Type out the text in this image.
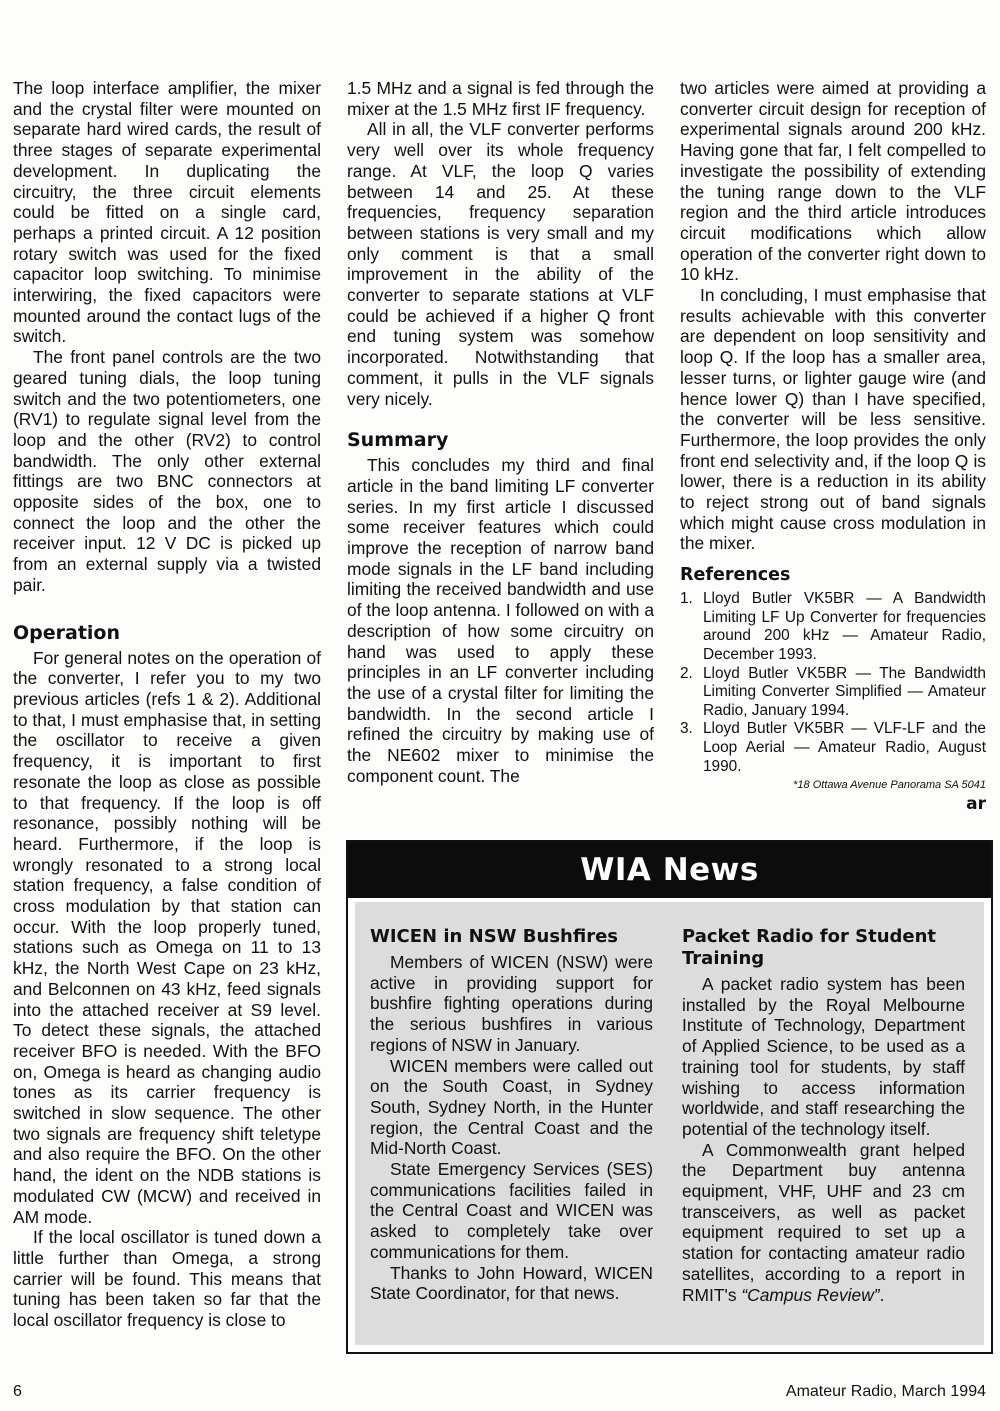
The loop interface amplifier, the mixer and the crystal filter were mounted on separate hard wired cards, the result of three stages of separate experimental development. In duplicating the circuitry, the three circuit elements could be fitted on a single card, perhaps a printed circuit. A 12 position rotary switch was used for the fixed capacitor loop switching. To minimise interwiring, the fixed capacitors were mounted around the contact lugs of the switch.

The front panel controls are the two geared tuning dials, the loop tuning switch and the two potentiometers, one (RV1) to regulate signal level from the loop and the other (RV2) to control bandwidth. The only other external fittings are two BNC connectors at opposite sides of the box, one to connect the loop and the other the receiver input. 12 V DC is picked up from an external supply via a twisted pair.

Operation

For general notes on the operation of the converter, I refer you to my two previous articles (refs 1 & 2). Additional to that, I must emphasise that, in setting the oscillator to receive a given frequency, it is important to first resonate the loop as close as possible to that frequency. If the loop is off resonance, possibly nothing will be heard. Furthermore, if the loop is wrongly resonated to a strong local station frequency, a false condition of cross modulation by that station can occur. With the loop properly tuned, stations such as Omega on 11 to 13 kHz, the North West Cape on 23 kHz, and Belconnen on 43 kHz, feed signals into the attached receiver at S9 level. To detect these signals, the attached receiver BFO is needed. With the BFO on, Omega is heard as changing audio tones as its carrier frequency is switched in slow sequence. The other two signals are frequency shift teletype and also require the BFO. On the other hand, the ident on the NDB stations is modulated CW (MCW) and received in AM mode.

If the local oscillator is tuned down a little further than Omega, a strong carrier will be found. This means that tuning has been taken so far that the local oscillator frequency is close to

1.5 MHz and a signal is fed through the mixer at the 1.5 MHz first IF frequency.

All in all, the VLF converter performs very well over its whole frequency range. At VLF, the loop Q varies between 14 and 25. At these frequencies, frequency separation between stations is very small and my only comment is that a small improvement in the ability of the converter to separate stations at VLF could be achieved if a higher Q front end tuning system was somehow incorporated. Notwithstanding that comment, it pulls in the VLF signals very nicely.

Summary

This concludes my third and final article in the band limiting LF converter series. In my first article I discussed some receiver features which could improve the reception of narrow band mode signals in the LF band including limiting the received bandwidth and use of the loop antenna. I followed on with a description of how some circuitry on hand was used to apply these principles in an LF converter including the use of a crystal filter for limiting the bandwidth. In the second article I refined the circuitry by making use of the NE602 mixer to minimise the component count. The

two articles were aimed at providing a converter circuit design for reception of experimental signals around 200 kHz. Having gone that far, I felt compelled to investigate the possibility of extending the tuning range down to the VLF region and the third article introduces circuit modifications which allow operation of the converter right down to 10 kHz.

In concluding, I must emphasise that results achievable with this converter are dependent on loop sensitivity and loop Q. If the loop has a smaller area, lesser turns, or lighter gauge wire (and hence lower Q) than I have specified, the converter will be less sensitive. Furthermore, the loop provides the only front end selectivity and, if the loop Q is lower, there is a reduction in its ability to reject strong out of band signals which might cause cross modulation in the mixer.

References
1. Lloyd Butler VK5BR — A Bandwidth Limiting LF Up Converter for frequencies around 200 kHz — Amateur Radio, December 1993.
2. Lloyd Butler VK5BR — The Bandwidth Limiting Converter Simplified — Amateur Radio, January 1994.
3. Lloyd Butler VK5BR — VLF-LF and the Loop Aerial — Amateur Radio, August 1990.
*18 Ottawa Avenue Panorama SA 5041
ar
WIA News
WICEN in NSW Bushfires

Members of WICEN (NSW) were active in providing support for bushfire fighting operations during the serious bushfires in various regions of NSW in January.

WICEN members were called out on the South Coast, in Sydney South, Sydney North, in the Hunter region, the Central Coast and the Mid-North Coast.

State Emergency Services (SES) communications facilities failed in the Central Coast and WICEN was asked to completely take over communications for them.

Thanks to John Howard, WICEN State Coordinator, for that news.

Packet Radio for Student Training

A packet radio system has been installed by the Royal Melbourne Institute of Technology, Department of Applied Science, to be used as a training tool for students, by staff wishing to access information worldwide, and staff researching the potential of the technology itself.

A Commonwealth grant helped the Department buy antenna equipment, VHF, UHF and 23 cm transceivers, as well as packet equipment required to set up a station for contacting amateur radio satellites, according to a report in RMIT's “Campus Review”.

6	Amateur Radio, March 1994
